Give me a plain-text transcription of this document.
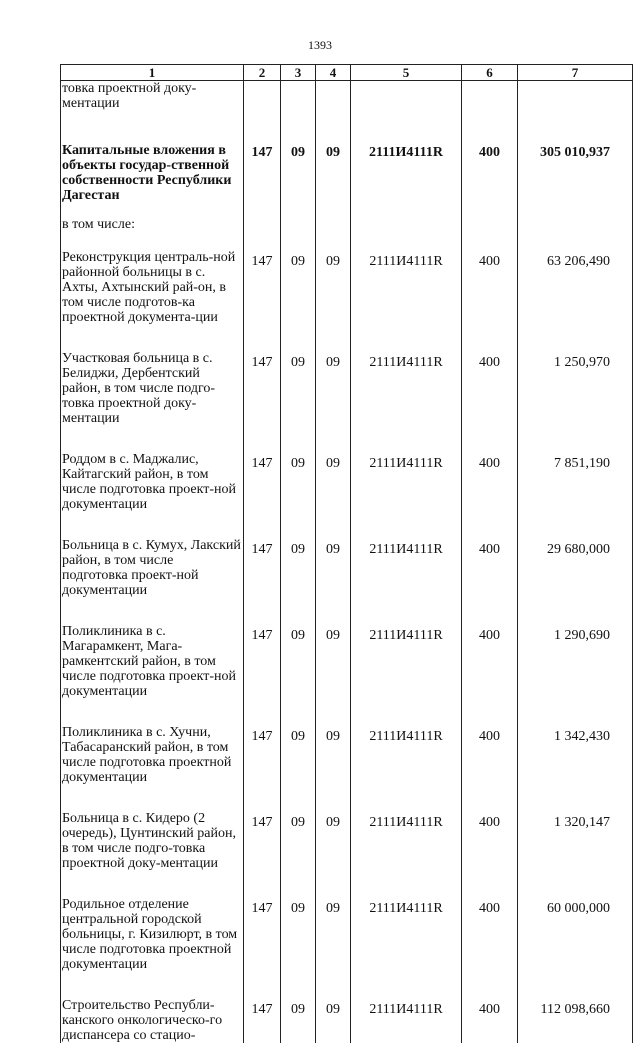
1393
1	2	3	4	5	6	7
товка проектной доку-
ментации						
Капитальные вложения в объекты государ-ственной собственности Республики Дагестан	147	09	09	2111И4111R	400	305 010,937
в том числе:						
Реконструкция централь-ной районной больницы в с. Ахты, Ахтынский рай-он, в том числе подготов-ка проектной документа-ции	147	09	09	2111И4111R	400	63 206,490
Участковая больница в с. Белиджи, Дербентский район, в том числе подго-товка проектной доку-ментации	147	09	09	2111И4111R	400	1 250,970
Роддом в с. Маджалис, Кайтагский район, в том числе подготовка проект-ной документации	147	09	09	2111И4111R	400	7 851,190
Больница в с. Кумух, Лакский район, в том числе подготовка проект-ной документации	147	09	09	2111И4111R	400	29 680,000
Поликлиника в с. Магарамкент, Мага-рамкентский район, в том числе подготовка проект-ной документации	147	09	09	2111И4111R	400	1 290,690
Поликлиника в с. Хучни, Табасаранский район, в том числе подготовка проектной документации	147	09	09	2111И4111R	400	1 342,430
Больница в с. Кидеро (2 очередь), Цунтинский район, в том числе подго-товка проектной доку-ментации	147	09	09	2111И4111R	400	1 320,147
Родильное отделение центральной городской больницы, г. Кизилюрт, в том числе подготовка проектной документации	147	09	09	2111И4111R	400	60 000,000
Строительство Республи-канского онкологическо-го диспансера со стацио-	147	09	09	2111И4111R	400	112 098,660
